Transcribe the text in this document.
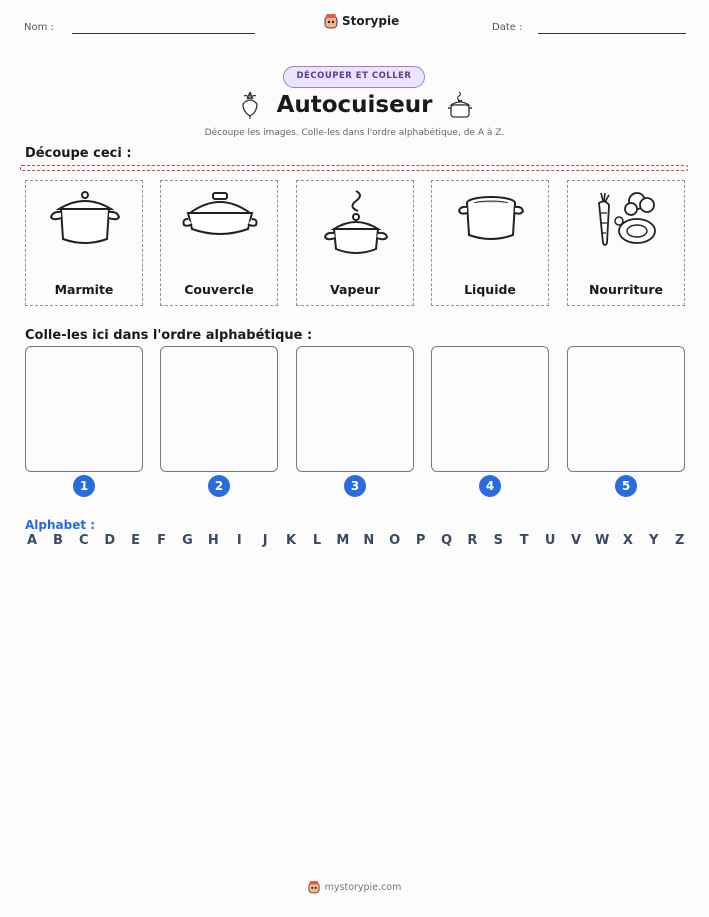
Nom :	Storypie	Date :
DÉCOUPER ET COLLER
Autocuiseur
Découpe les images. Colle-les dans l'ordre alphabétique, de A à Z.
Découpe ceci :
Marmite	Couvercle	Vapeur	Liquide	Nourriture
Colle-les ici dans l'ordre alphabétique :
1	2	3	4	5
Alphabet :
A B C D E F G H	I	J	K L M N O P Q R S T U V W X Y Z
mystorypie.com
